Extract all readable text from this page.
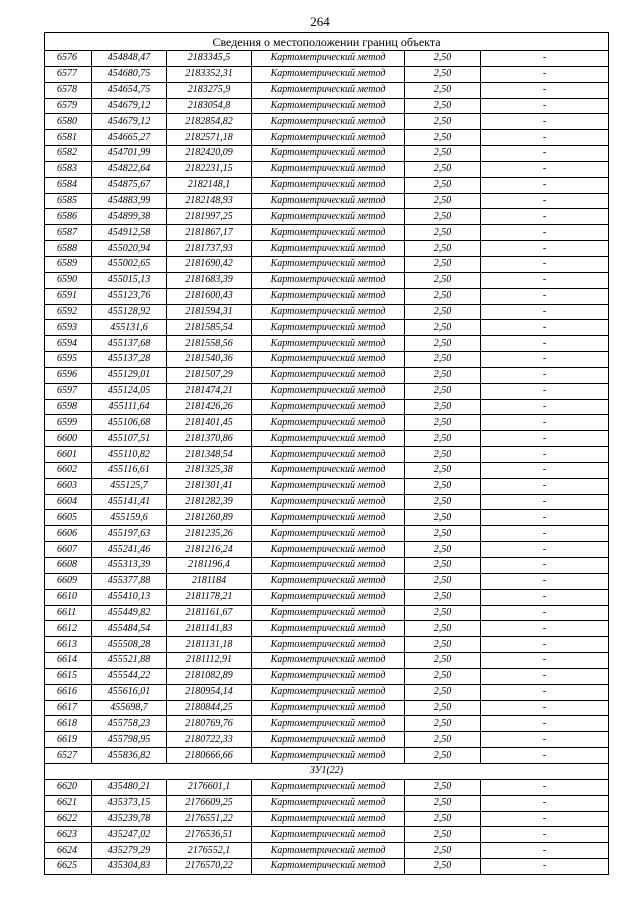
264
Сведения о местоположении границ объекта					
6576	454848,47	2183345,5	Картометрический метод	2,50	-
6577	454680,75	2183352,31	Картометрический метод	2,50	-
6578	454654,75	2183275,9	Картометрический метод	2,50	-
6579	454679,12	2183054,8	Картометрический метод	2,50	-
6580	454679,12	2182854,82	Картометрический метод	2,50	-
6581	454665,27	2182571,18	Картометрический метод	2,50	-
6582	454701,99	2182420,09	Картометрический метод	2,50	-
6583	454822,64	2182231,15	Картометрический метод	2,50	-
6584	454875,67	2182148,1	Картометрический метод	2,50	-
6585	454883,99	2182148,93	Картометрический метод	2,50	-
6586	454899,38	2181997,25	Картометрический метод	2,50	-
6587	454912,58	2181867,17	Картометрический метод	2,50	-
6588	455020,94	2181737,93	Картометрический метод	2,50	-
6589	455002,65	2181690,42	Картометрический метод	2,50	-
6590	455015,13	2181683,39	Картометрический метод	2,50	-
6591	455123,76	2181600,43	Картометрический метод	2,50	-
6592	455128,92	2181594,31	Картометрический метод	2,50	-
6593	455131,6	2181585,54	Картометрический метод	2,50	-
6594	455137,68	2181558,56	Картометрический метод	2,50	-
6595	455137,28	2181540,36	Картометрический метод	2,50	-
6596	455129,01	2181507,29	Картометрический метод	2,50	-
6597	455124,05	2181474,21	Картометрический метод	2,50	-
6598	455111,64	2181426,26	Картометрический метод	2,50	-
6599	455106,68	2181401,45	Картометрический метод	2,50	-
6600	455107,51	2181370,86	Картометрический метод	2,50	-
6601	455110,82	2181348,54	Картометрический метод	2,50	-
6602	455116,61	2181325,38	Картометрический метод	2,50	-
6603	455125,7	2181301,41	Картометрический метод	2,50	-
6604	455141,41	2181282,39	Картометрический метод	2,50	-
6605	455159,6	2181260,89	Картометрический метод	2,50	-
6606	455197,63	2181235,26	Картометрический метод	2,50	-
6607	455241,46	2181216,24	Картометрический метод	2,50	-
6608	455313,39	2181196,4	Картометрический метод	2,50	-
6609	455377,88	2181184	Картометрический метод	2,50	-
6610	455410,13	2181178,21	Картометрический метод	2,50	-
6611	455449,82	2181161,67	Картометрический метод	2,50	-
6612	455484,54	2181141,83	Картометрический метод	2,50	-
6613	455508,28	2181131,18	Картометрический метод	2,50	-
6614	455521,88	2181112,91	Картометрический метод	2,50	-
6615	455544,22	2181082,89	Картометрический метод	2,50	-
6616	455616,01	2180954,14	Картометрический метод	2,50	-
6617	455698,7	2180844,25	Картометрический метод	2,50	-
6618	455758,23	2180769,76	Картометрический метод	2,50	-
6619	455798,95	2180722,33	Картометрический метод	2,50	-
6527	455836,82	2180666,66	Картометрический метод	2,50	-
ЗУ1(22)					
6620	435480,21	2176601,1	Картометрический метод	2,50	-
6621	435373,15	2176609,25	Картометрический метод	2,50	-
6622	435239,78	2176551,22	Картометрический метод	2,50	-
6623	435247,02	2176536,51	Картометрический метод	2,50	-
6624	435279,29	2176552,1	Картометрический метод	2,50	-
6625	435304,83	2176570,22	Картометрический метод	2,50	-
